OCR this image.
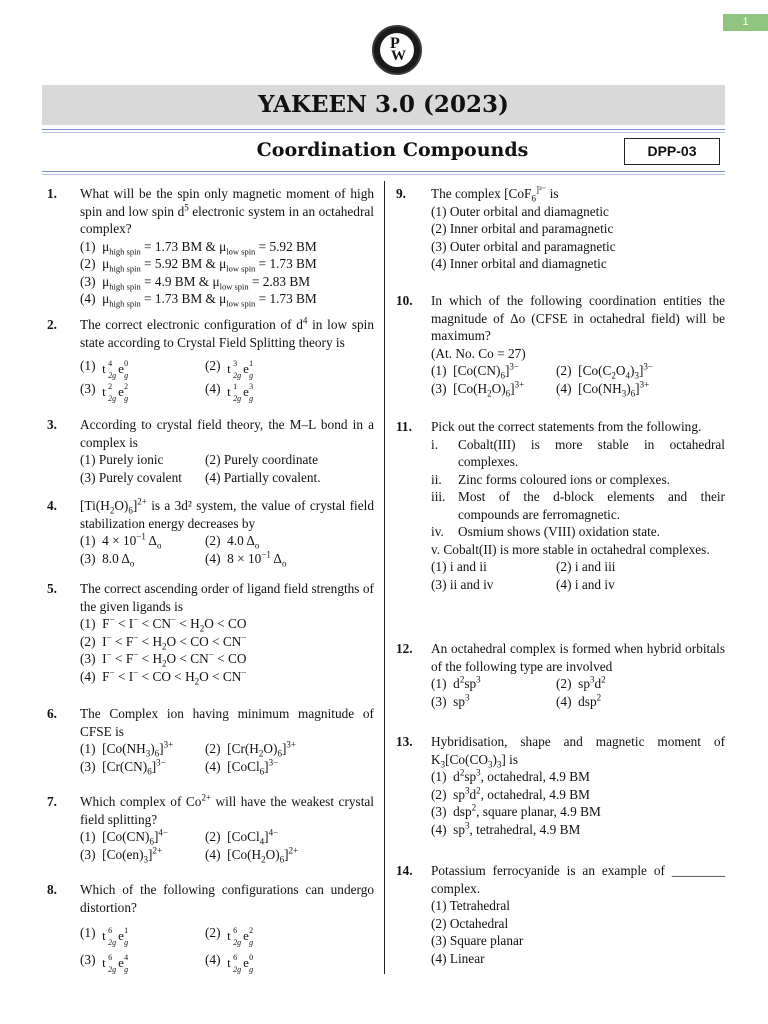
1
P
W
YAKEEN 3.0 (2023)
Coordination Compounds	DPP-03
1. What will be the spin only magnetic moment of high spin and low spin $d^5$ electronic system in an octahedral complex?
(1)  $\mu_{high spin} = 1.73$ BM & $\mu_{low spin} = 5.92$ BM
(2)  $\mu_{high spin} = 5.92$ BM & $\mu_{low spin} = 1.73$ BM
(3)  $\mu_{high spin} = 4.9$ BM & $\mu_{low spin} = 2.83$ BM
(4)  $\mu_{high spin} = 1.73$ BM & $\mu_{low spin} = 1.73$ BM
2. The correct electronic configuration of $d^4$ in low spin state according to Crystal Field Splitting theory is
(1) t 4
2g e 0
g
(2) t 3
2g e 1
g
(3) t 2
2g e 2
g
(4) t 1
2g e 3
g
3. According to crystal field theory, the M–L bond in a complex is
(1) Purely ionic	(2) Purely coordinate
(3) Purely covalent (4) Partially covalent.
4. $[Ti(H_2O)_6]^{2+}$ is a 3d² system, the value of crystal field stabilization energy decreases by
(1)  $4 \times 10^{-1}$ $\Delta_o$	(2)  4.0 $\Delta_o$
(3)  8.0 $\Delta_o$	(4)  $8 \times 10^{-1}$ $\Delta_o$
5. The correct ascending order of ligand field strengths of the given ligands is
(1)  $F^- < I^- < CN^- < H_2O$ < CO
(2)  $I^- < F^- < H_2O$ < CO < CN−
(3)  $I^- < F^- < H_2O < CN^-$ < CO
(4)  F− < I− < CO < $H_2O < CN^-$
6. The Complex ion having minimum magnitude of CFSE is
(1)  $[Co(NH_3)_6]^{3+}$ (2)  $[Cr(H_2O)_6]^{3+}$
(3)  $[Cr(CN)_6]^{3-}$	(4)  [CoCl$_6$]$^{3-}$
7. Which complex of $Co^{2+}$ will have the weakest crystal field splitting?
(1)  $[Co(CN)_6]^{4-}$	(2)  [CoCl$_4$]$^{4-}$
(3)  $[Co(en)_3]^{2+}$	(4)  $[Co(H_2O)_6]^{2+}$
8. Which of the following configurations can undergo distortion?
(1) t 6
2g e 1
g
(2) t 6
2g e 2
g
(3) t 6
2g e 4
g
(4) t 6
2g e 0
g
9. The complex [CoF$_6^{]^{3-}}$ is
(1) Outer orbital and diamagnetic
(2) Inner orbital and paramagnetic
(3) Outer orbital and paramagnetic
(4) Inner orbital and diamagnetic
10. In which of the following coordination entities the magnitude of Δo (CFSE in octahedral field) will be maximum?
(At. No. Co = 27)
(1)  $[Co(CN)_6]^{3-}$	(2)  $[Co(C_2O_4)_3]^{3-}$
(3)  $[Co(H_2O)_6]^{3+}$ (4)  $[Co(NH_3)_6]^{3+}$
11. Pick out the correct statements from the following.
i. Cobalt(III) is more stable in octahedral complexes.
ii. Zinc forms coloured ions or complexes.
iii. Most of the d-block elements and their compounds are ferromagnetic.
iv. Osmium shows (VIII) oxidation state.
v. Cobalt(II) is more stable in octahedral complexes.
(1) i and ii	(2) i and iii
(3) ii and iv	(4) i and iv
12. An octahedral complex is formed when hybrid orbitals of the following type are involved
(1)  $d^2sp^3$	(2)  $sp^3d^2$
(3)  $sp^3$	(4)  dsp$^2$
13. Hybridisation, shape and magnetic moment of $K_3[Co(CO_3)_3]$ is
(1)  $d^2sp^3$, octahedral, 4.9 BM
(2)  $sp^3d^2$, octahedral, 4.9 BM
(3)  dsp$^2$, square planar, 4.9 BM
(4)  $sp^3$, tetrahedral, 4.9 BM
14. Potassium ferrocyanide is an example of ________ complex.
(1) Tetrahedral
(2) Octahedral
(3) Square planar
(4) Linear
